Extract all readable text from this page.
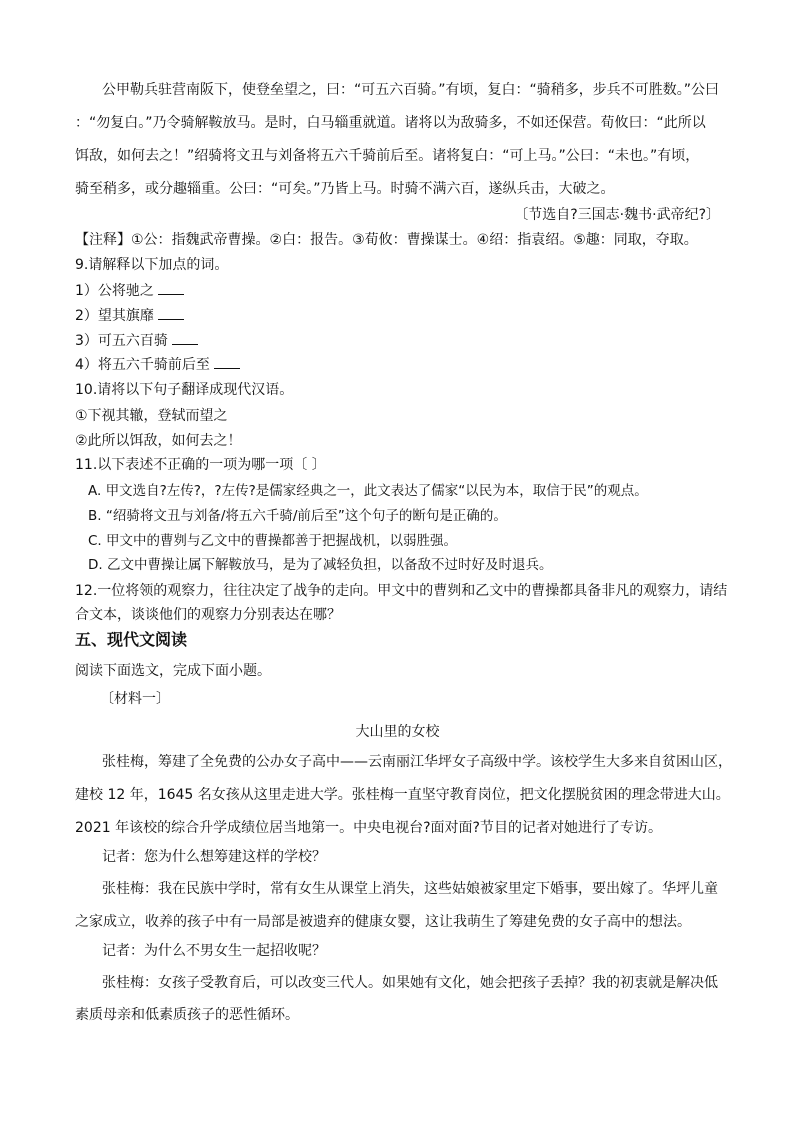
公甲勒兵驻营南阪下，使登垒望之，曰：“可五六百骑。”有顷，复白：“骑稍多，步兵不可胜数。”公曰
：“勿复白。”乃令骑解鞍放马。是时，白马辎重就道。诸将以为敌骑多，不如还保营。荀攸曰：“此所以
饵敌，如何去之！”绍骑将文丑与刘备将五六千骑前后至。诸将复白：“可上马。”公曰：“未也。”有顷，
骑至稍多，或分趣辎重。公曰：“可矣。”乃皆上马。时骑不满六百，遂纵兵击，大破之。
〔节选自?三国志·魏书·武帝纪?〕
【注释】①公：指魏武帝曹操。②白：报告。③荀攸：曹操谋士。④绍：指袁绍。⑤趣：同取，夺取。
9.请解释以下加点的词。
1）公将驰之
2）望其旗靡
3）可五六百骑
4）将五六千骑前后至
10.请将以下句子翻译成现代汉语。
①下视其辙，登轼而望之
②此所以饵敌，如何去之！
11.以下表述不正确的一项为哪一项〔 〕
A. 甲文选自?左传?，?左传?是儒家经典之一，此文表达了儒家“以民为本，取信于民”的观点。
B. “绍骑将文丑与刘备/将五六千骑/前后至”这个句子的断句是正确的。
C. 甲文中的曹刿与乙文中的曹操都善于把握战机，以弱胜强。
D. 乙文中曹操让属下解鞍放马，是为了减轻负担，以备敌不过时好及时退兵。
12.一位将领的观察力，往往决定了战争的走向。甲文中的曹刿和乙文中的曹操都具备非凡的观察力，请结
合文本，谈谈他们的观察力分别表达在哪？
五、现代文阅读
阅读下面选文，完成下面小题。
〔材料一〕
大山里的女校
张桂梅，筹建了全免费的公办女子高中——云南丽江华坪女子高级中学。该校学生大多来自贫困山区，
建校 12 年，1645 名女孩从这里走进大学。张桂梅一直坚守教育岗位，把文化摆脱贫困的理念带进大山。
2021 年该校的综合升学成绩位居当地第一。中央电视台?面对面?节目的记者对她进行了专访。
记者：您为什么想筹建这样的学校？
张桂梅：我在民族中学时，常有女生从课堂上消失，这些姑娘被家里定下婚事，要出嫁了。华坪儿童
之家成立，收养的孩子中有一局部是被遗弃的健康女婴，这让我萌生了筹建免费的女子高中的想法。
记者：为什么不男女生一起招收呢？
张桂梅：女孩子受教育后，可以改变三代人。如果她有文化，她会把孩子丢掉？我的初衷就是解决低
素质母亲和低素质孩子的恶性循环。
